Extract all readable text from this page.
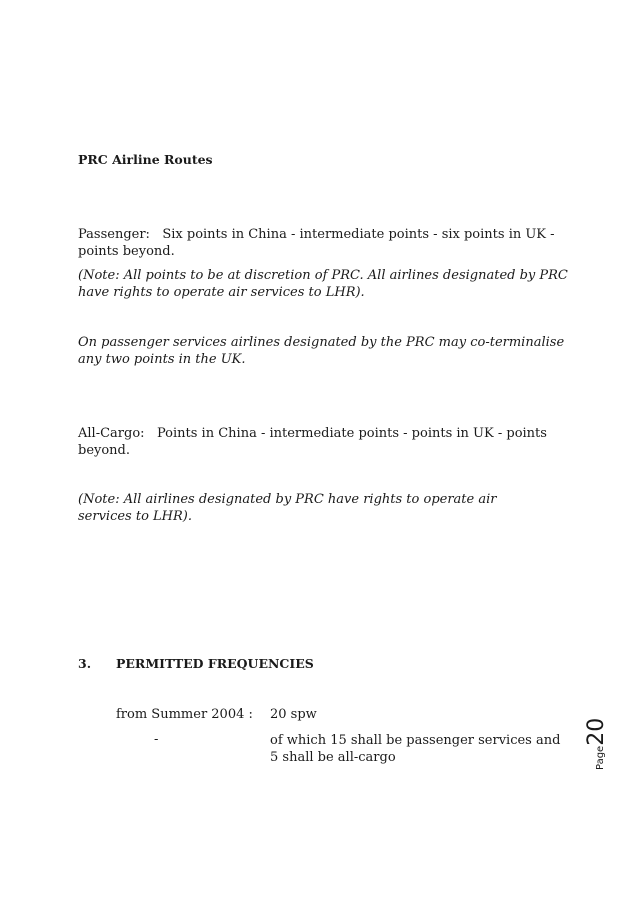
PRC Airline Routes
Passenger: Six points in China - intermediate points - six points in UK - points beyond.
(Note: All points to be at discretion of PRC. All airlines designated by PRC have rights to operate air services to LHR).
On passenger services airlines designated by the PRC may co-terminalise any two points in the UK.
All-Cargo: Points in China - intermediate points - points in UK - points beyond.
(Note: All airlines designated by PRC have rights to operate air services to LHR).
3. PERMITTED FREQUENCIES
from Summer 2004 : 20 spw
-	of which 15 shall be passenger services and 5 shall be all-cargo	Page20
